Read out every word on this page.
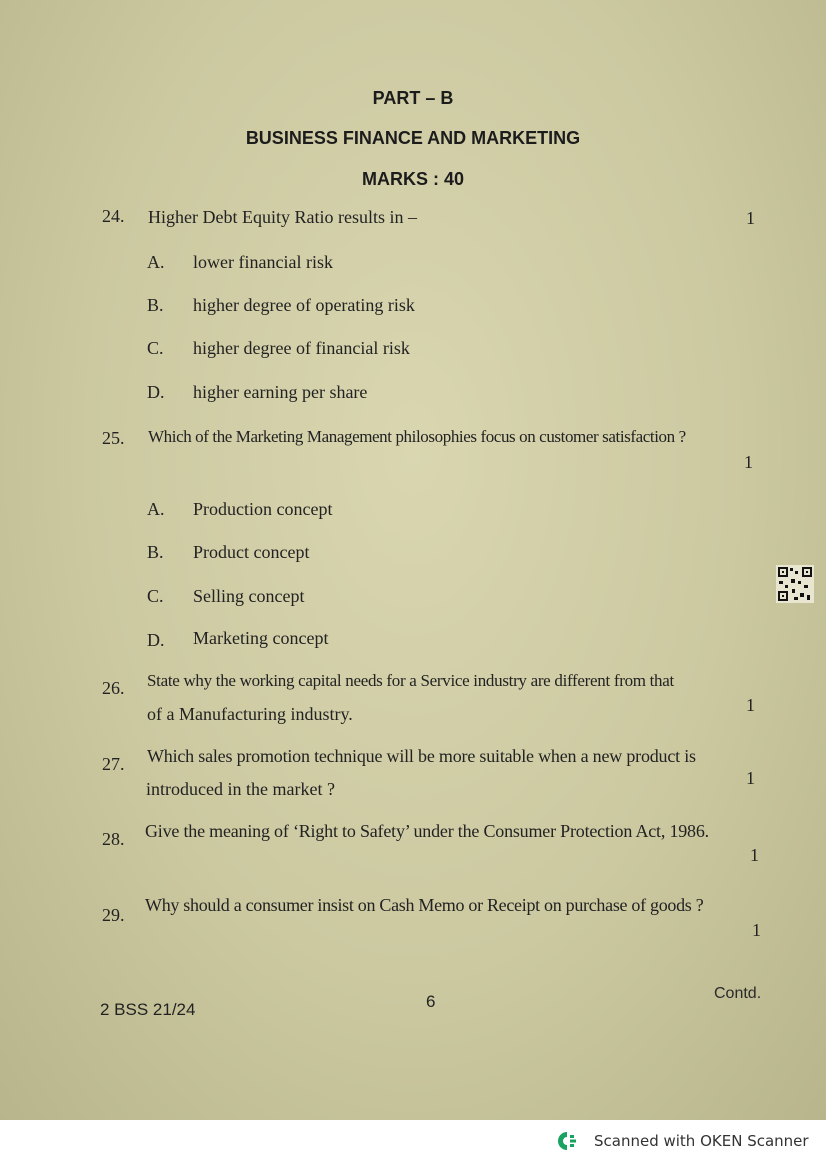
PART – B
BUSINESS FINANCE AND MARKETING
MARKS : 40
24. Higher Debt Equity Ratio results in –	1
A. lower financial risk
B. higher degree of operating risk
C. higher degree of financial risk
D. higher earning per share
25. Which of the Marketing Management philosophies focus on customer satisfaction ?
1
A. Production concept
B. Product concept
C. Selling concept
D. Marketing concept
26. State why the working capital needs for a Service industry are different from that
of a Manufacturing industry.	1
27. Which sales promotion technique will be more suitable when a new product is
introduced in the market ?
1
28. Give the meaning of ‘Right to Safety’ under the Consumer Protection Act, 1986.
1
29. Why should a consumer insist on Cash Memo or Receipt on purchase of goods ?
1
2 BSS 21/24	6	Contd.
Scanned with OKEN Scanner
